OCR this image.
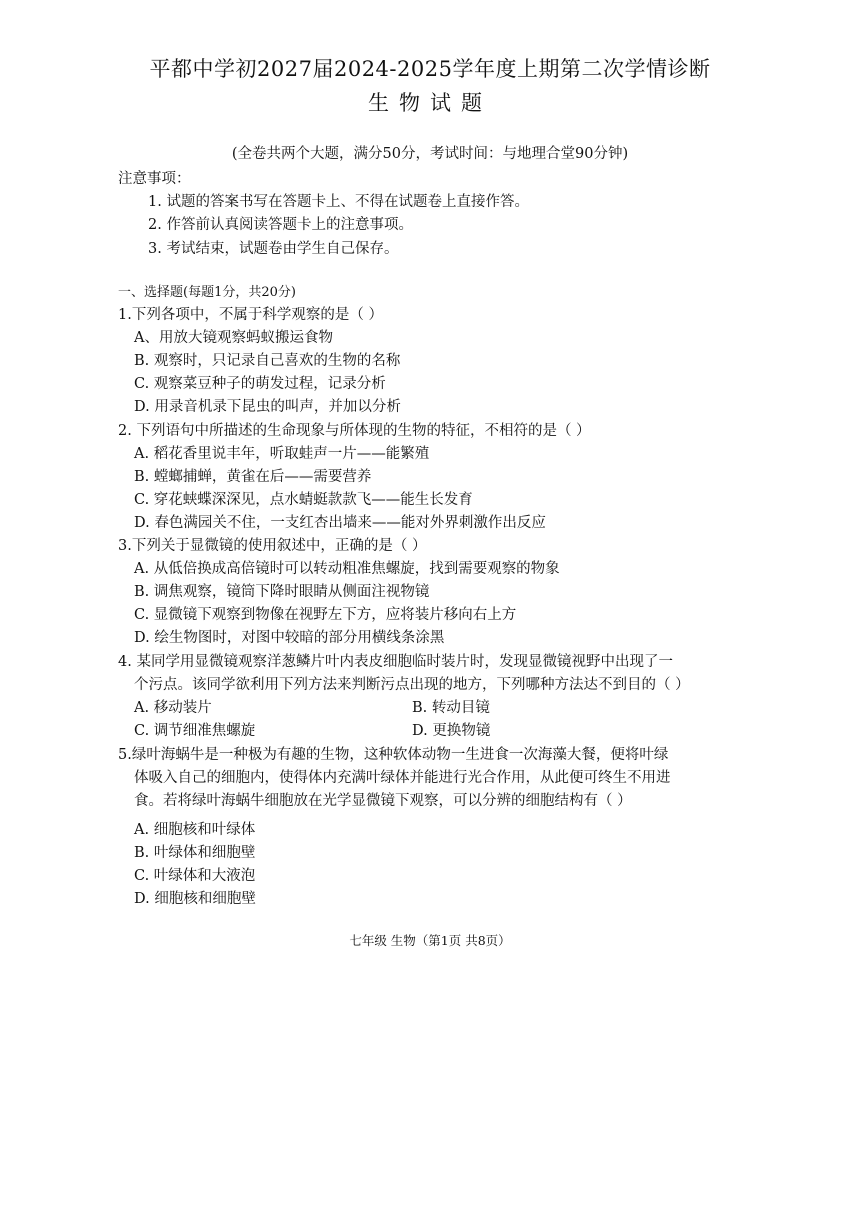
平都中学初2027届2024-2025学年度上期第二次学情诊断
生物试题
(全卷共两个大题，满分50分，考试时间：与地理合堂90分钟)
注意事项：
1. 试题的答案书写在答题卡上、不得在试题卷上直接作答。
2. 作答前认真阅读答题卡上的注意事项。
3. 考试结束，试题卷由学生自己保存。
一、选择题(每题1分，共20分)
1.下列各项中，不属于科学观察的是（ ）
A、用放大镜观察蚂蚁搬运食物
B. 观察时，只记录自己喜欢的生物的名称
C. 观察菜豆种子的萌发过程，记录分析
D. 用录音机录下昆虫的叫声，并加以分析
2. 下列语句中所描述的生命现象与所体现的生物的特征，不相符的是（ ）
A. 稻花香里说丰年，听取蛙声一片——能繁殖
B. 螳螂捕蝉，黄雀在后——需要营养
C. 穿花蛱蝶深深见，点水蜻蜓款款飞——能生长发育
D. 春色满园关不住，一支红杏出墙来——能对外界刺激作出反应
3.下列关于显微镜的使用叙述中，正确的是（ ）
A. 从低倍换成高倍镜时可以转动粗准焦螺旋，找到需要观察的物象
B. 调焦观察，镜筒下降时眼睛从侧面注视物镜
C. 显微镜下观察到物像在视野左下方，应将装片移向右上方
D. 绘生物图时，对图中较暗的部分用横线条涂黑
4. 某同学用显微镜观察洋葱鳞片叶内表皮细胞临时装片时，发现显微镜视野中出现了一
个污点。该同学欲利用下列方法来判断污点出现的地方，下列哪种方法达不到目的（ ）
A. 移动装片	B. 转动目镜
C. 调节细准焦螺旋	D. 更换物镜
5.绿叶海蜗牛是一种极为有趣的生物，这种软体动物一生进食一次海藻大餐，便将叶绿
体吸入自己的细胞内，使得体内充满叶绿体并能进行光合作用，从此便可终生不用进
食。若将绿叶海蜗牛细胞放在光学显微镜下观察，可以分辨的细胞结构有（ ）
A. 细胞核和叶绿体
B. 叶绿体和细胞壁
C. 叶绿体和大液泡
D. 细胞核和细胞壁
七年级 生物（第1页 共8页）
